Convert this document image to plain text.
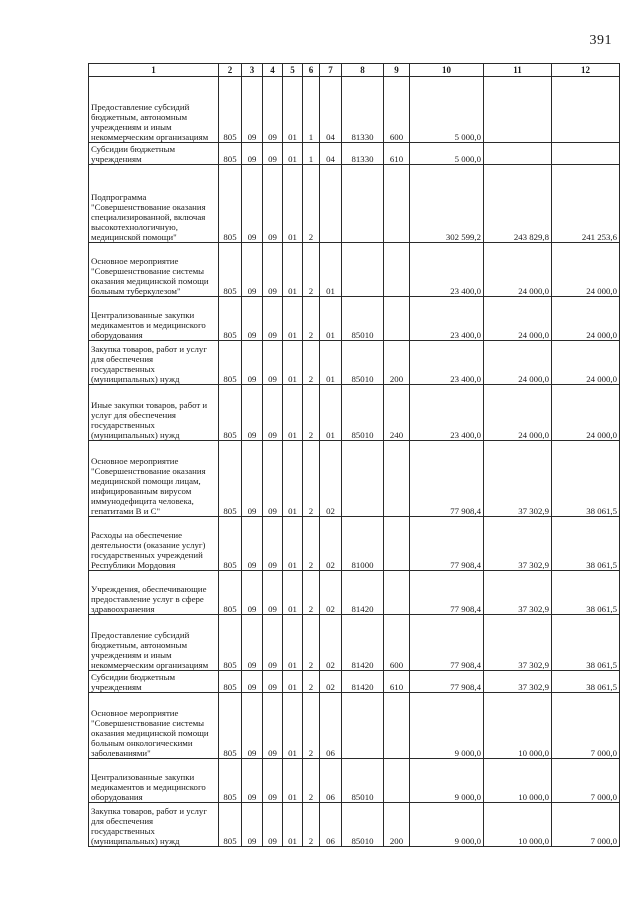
391
1	2	3	4	5	6	7	8	9	10	11	12
Предоставление субсидий бюджетным, автономным учреждениям и иным некоммерческим организациям	805	09	09	01	1	04	81330	600	5 000,0		
Субсидии бюджетным учреждениям	805	09	09	01	1	04	81330	610	5 000,0		
Подпрограмма "Совершенствование оказания специализированной, включая высокотехнологичную, медицинской помощи"	805	09	09	01	2				302 599,2	243 829,8	241 253,6
Основное мероприятие "Совершенствование системы оказания медицинской помощи больным туберкулезом"	805	09	09	01	2	01			23 400,0	24 000,0	24 000,0
Централизованные закупки медикаментов и медицинского оборудования	805	09	09	01	2	01	85010		23 400,0	24 000,0	24 000,0
Закупка товаров, работ и услуг для обеспечения государственных (муниципальных) нужд	805	09	09	01	2	01	85010	200	23 400,0	24 000,0	24 000,0
Иные закупки товаров, работ и услуг для обеспечения государственных (муниципальных) нужд	805	09	09	01	2	01	85010	240	23 400,0	24 000,0	24 000,0
Основное мероприятие "Совершенствование оказания медицинской помощи лицам, инфицированным вирусом иммунодефицита человека, гепатитами В и С"	805	09	09	01	2	02			77 908,4	37 302,9	38 061,5
Расходы на обеспечение деятельности (оказание услуг) государственных учреждений Республики Мордовия	805	09	09	01	2	02	81000		77 908,4	37 302,9	38 061,5
Учреждения, обеспечивающие предоставление услуг в сфере здравоохранения	805	09	09	01	2	02	81420		77 908,4	37 302,9	38 061,5
Предоставление субсидий бюджетным, автономным учреждениям и иным некоммерческим организациям	805	09	09	01	2	02	81420	600	77 908,4	37 302,9	38 061,5
Субсидии бюджетным учреждениям	805	09	09	01	2	02	81420	610	77 908,4	37 302,9	38 061,5
Основное мероприятие "Совершенствование системы оказания медицинской помощи больным онкологическими заболеваниями"	805	09	09	01	2	06			9 000,0	10 000,0	7 000,0
Централизованные закупки медикаментов и медицинского оборудования	805	09	09	01	2	06	85010		9 000,0	10 000,0	7 000,0
Закупка товаров, работ и услуг для обеспечения государственных (муниципальных) нужд	805	09	09	01	2	06	85010	200	9 000,0	10 000,0	7 000,0
